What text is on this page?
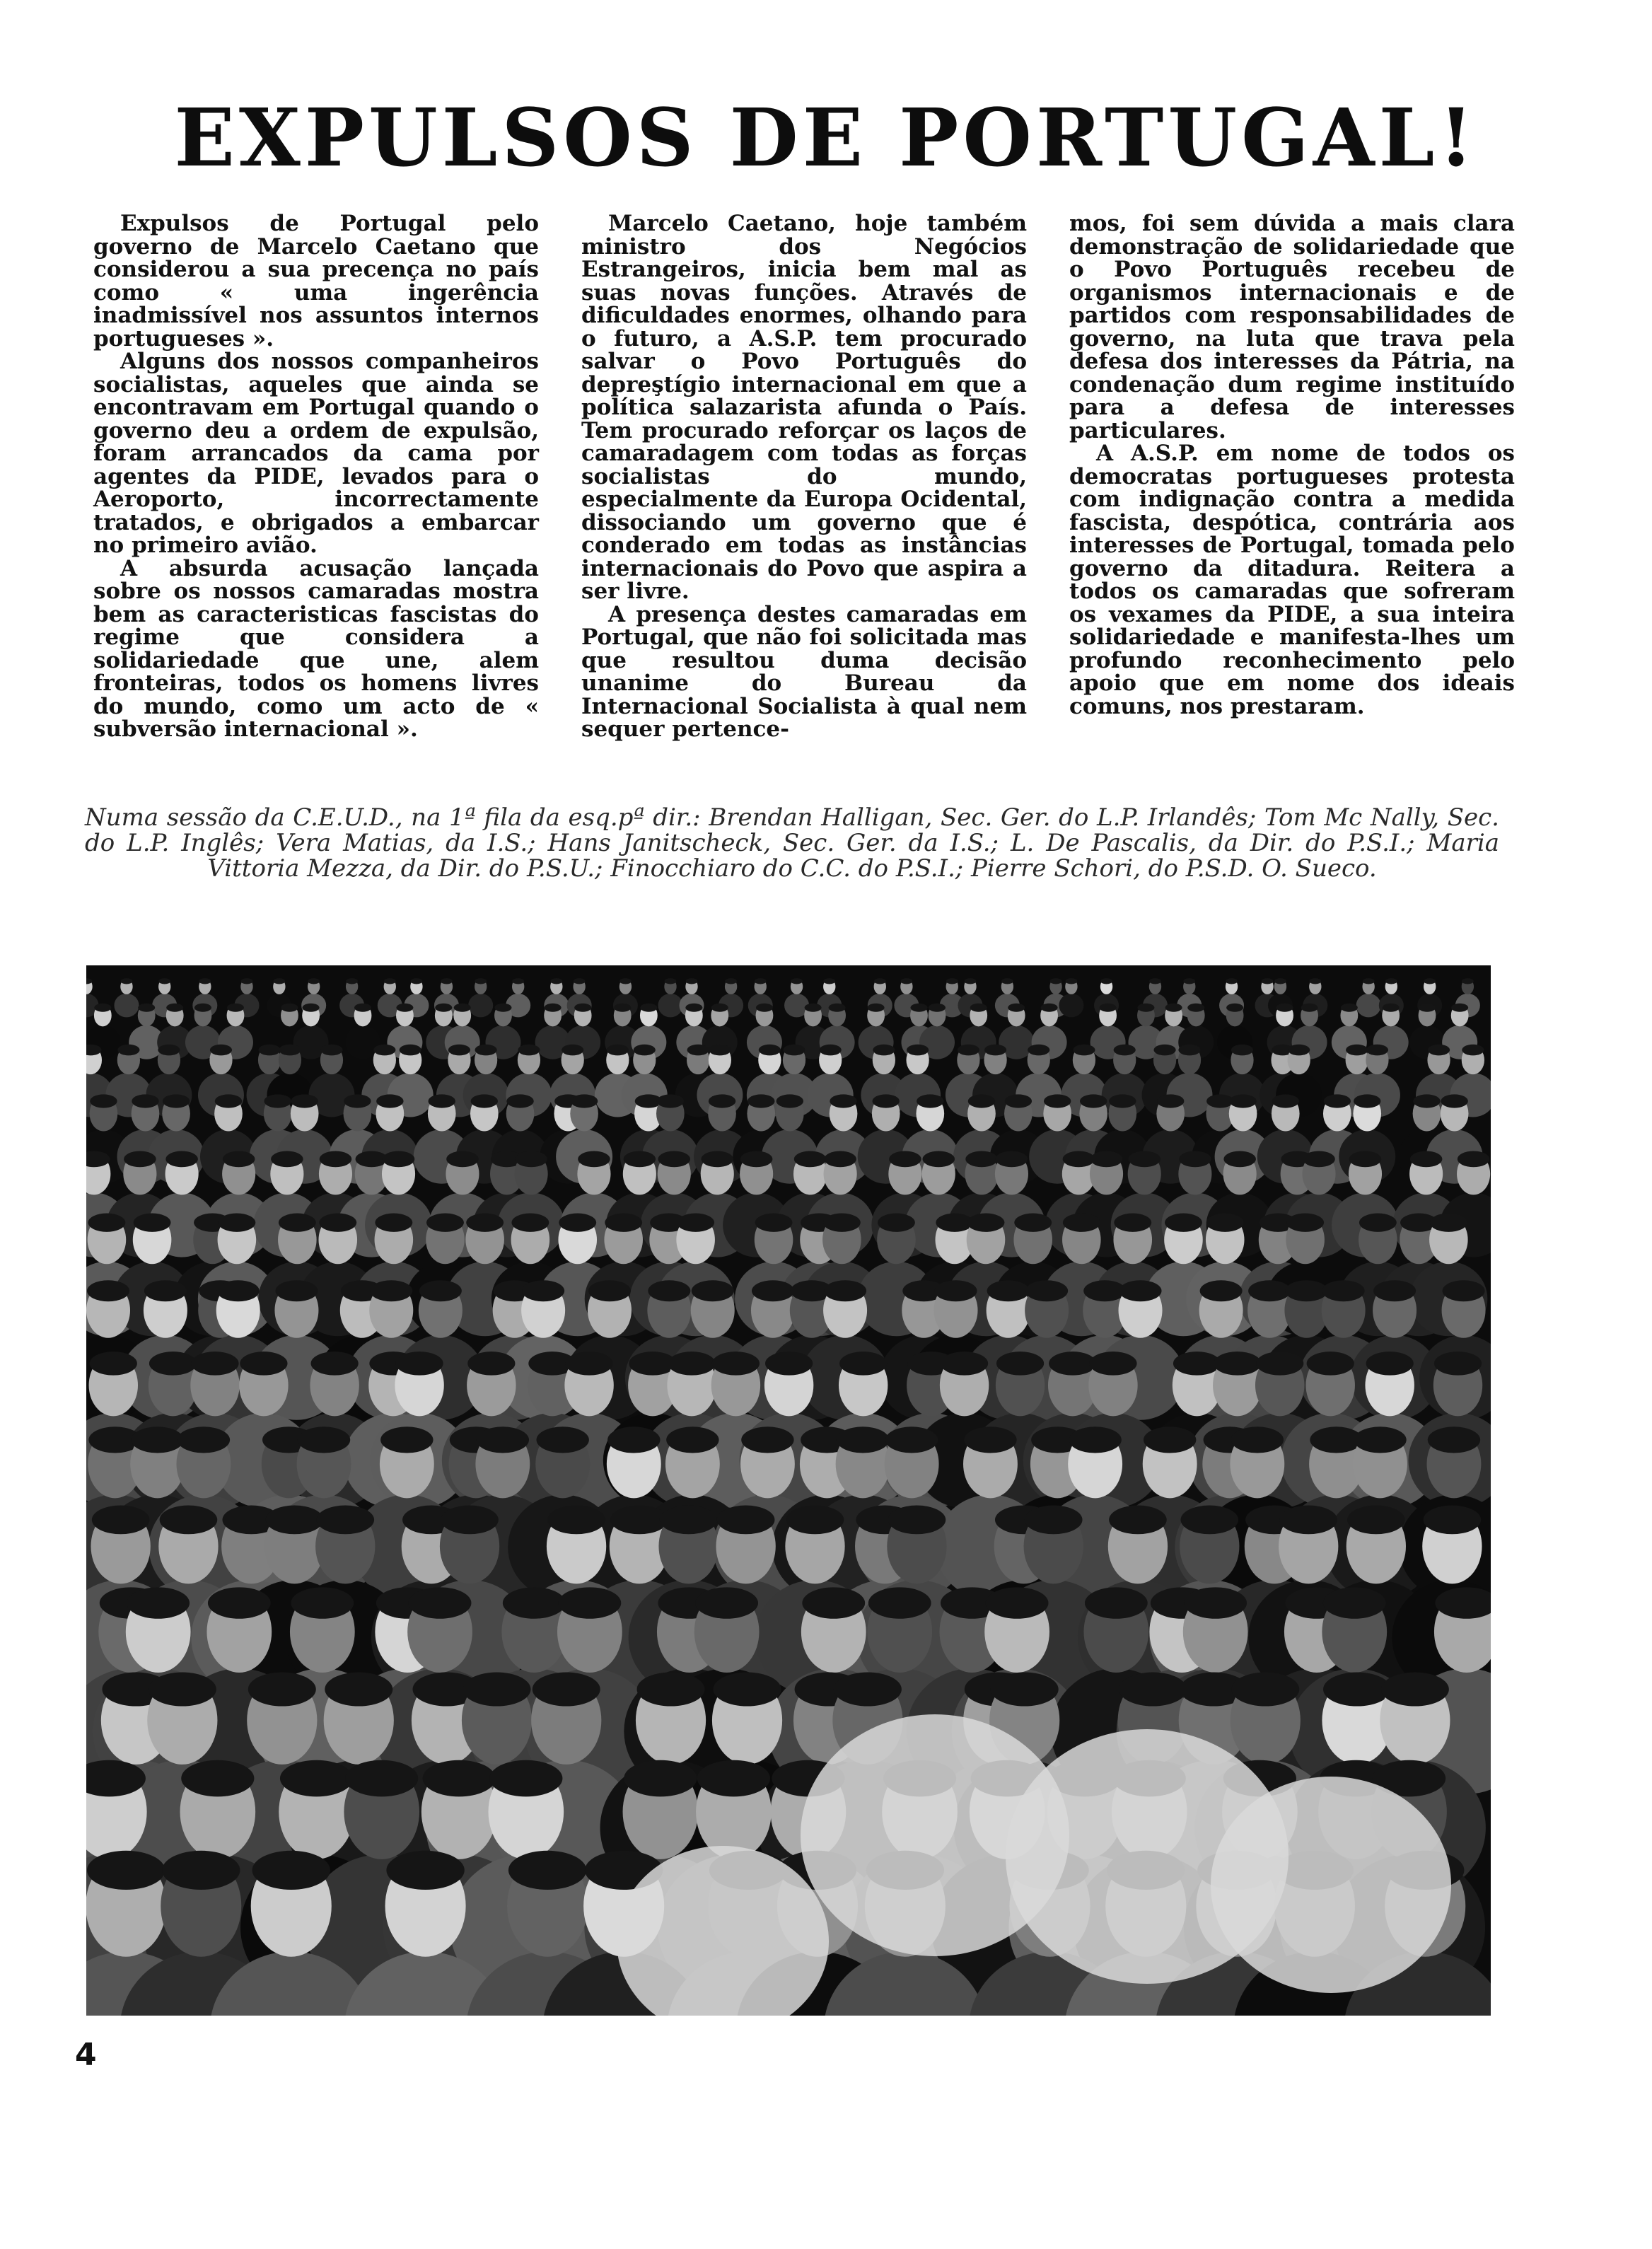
EXPULSOS DE PORTUGAL!

Expulsos de Portugal pelo governo de Marcelo Caetano que considerou a sua precença no país como « uma ingerência inadmissível nos assuntos internos portugueses ».

Alguns dos nossos companheiros socialistas, aqueles que ainda se encontravam em Portugal quando o governo deu a ordem de expulsão, foram arrancados da cama por agentes da PIDE, levados para o Aeroporto, incorrectamente tratados, e obrigados a embarcar no primeiro avião.

A absurda acusação lançada sobre os nossos camaradas mostra bem as caracteristicas fascistas do regime que considera a solidariedade que une, alem fronteiras, todos os homens livres do mundo, como um acto de « subversão internacional ».

Marcelo Caetano, hoje também ministro dos Negócios Estrangeiros, inicia bem mal as suas novas funções. Através de dificuldades enormes, olhando para o futuro, a A.S.P. tem procurado salvar o Povo Português do depreştígio internacional em que a política salazarista afunda o País. Tem procurado reforçar os laços de camaradagem com todas as forças socialistas do mundo, especialmente da Europa Ocidental, dissociando um governo que é conderado em todas as instâncias internacionais do Povo que aspira a ser livre.

A presença destes camaradas em Portugal, que não foi solicitada mas que resultou duma decisão unanime do Bureau da Internacional Socialista à qual nem sequer pertence-

mos, foi sem dúvida a mais clara demonstração de solidariedade que o Povo Português recebeu de organismos internacionais e de partidos com responsabilidades de governo, na luta que trava pela defesa dos interesses da Pátria, na condenação dum regime instituído para a defesa de interesses particulares.

A A.S.P. em nome de todos os democratas portugueses protesta com indignação contra a medida fascista, despótica, contrária aos interesses de Portugal, tomada pelo governo da ditadura. Reitera a todos os camaradas que sofreram os vexames da PIDE, a sua inteira solidariedade e manifesta-lhes um profundo reconhecimento pelo apoio que em nome dos ideais comuns, nos prestaram.

Numa sessão da C.E.U.D., na 1ª fila da esq.pª dir.: Brendan Halligan, Sec. Ger. do L.P. Irlandês; Tom Mc Nally, Sec. do L.P. Inglês; Vera Matias, da I.S.; Hans Janitscheck, Sec. Ger. da I.S.; L. De Pascalis, da Dir. do P.S.I.; Maria Vittoria Mezza, da Dir. do P.S.U.; Finocchiaro do C.C. do P.S.I.; Pierre Schori, do P.S.D. O. Sueco.

4
